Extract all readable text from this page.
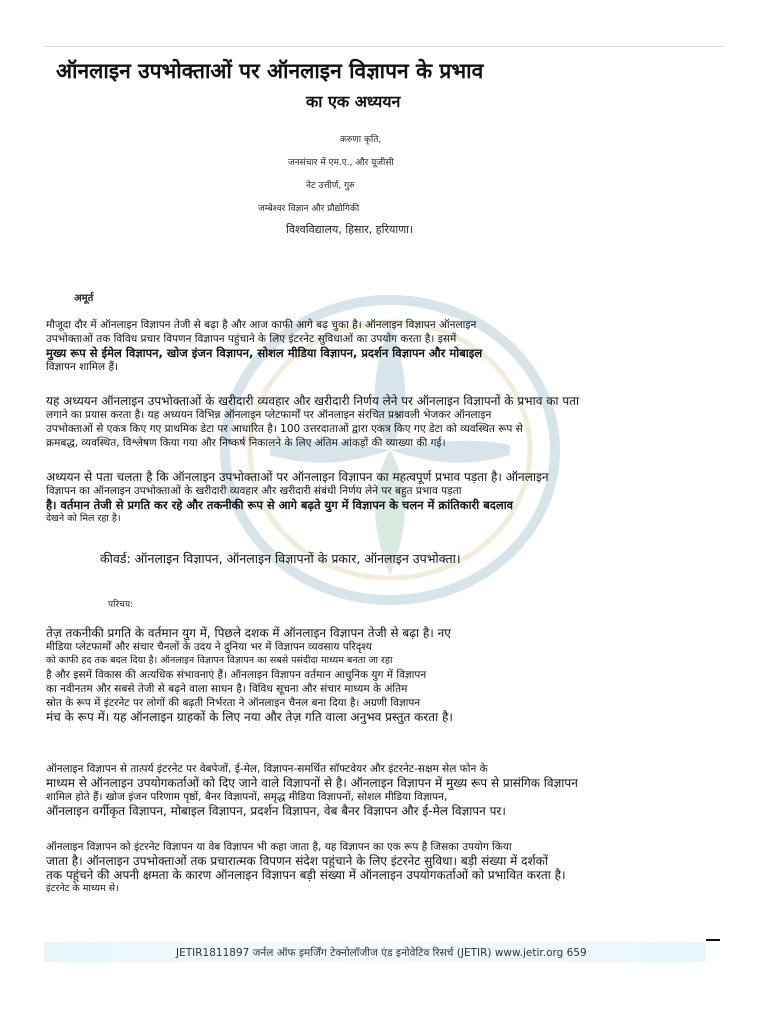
ऑनलाइन उपभोक्ताओं पर ऑनलाइन विज्ञापन के प्रभाव
का एक अध्ययन
करुणा कृति,
जनसंचार में एम.ए., और यूजीसी
नेट उत्तीर्ण, गुरु
जम्बेश्वर विज्ञान और प्रौद्योगिकी
विश्वविद्यालय, हिसार, हरियाणा।
अमूर्त
मौजूदा दौर में ऑनलाइन विज्ञापन तेजी से बढ़ा है और आज काफी आगे बढ़ चुका है। ऑनलाइन विज्ञापन ऑनलाइन
उपभोक्ताओं तक विविध प्रचार विपणन विज्ञापन पहुंचाने के लिए इंटरनेट सुविधाओं का उपयोग करता है। इसमें
मुख्य रूप से ईमेल विज्ञापन, खोज इंजन विज्ञापन, सोशल मीडिया विज्ञापन, प्रदर्शन विज्ञापन और मोबाइल
विज्ञापन शामिल हैं।
यह अध्ययन ऑनलाइन उपभोक्ताओं के खरीदारी व्यवहार और खरीदारी निर्णय लेने पर ऑनलाइन विज्ञापनों के प्रभाव का पता
लगाने का प्रयास करता है। यह अध्ययन विभिन्न ऑनलाइन प्लेटफार्मों पर ऑनलाइन संरचित प्रश्नावली भेजकर ऑनलाइन
उपभोक्ताओं से एकत्र किए गए प्राथमिक डेटा पर आधारित है। 100 उत्तरदाताओं द्वारा एकत्र किए गए डेटा को व्यवस्थित रूप से
क्रमबद्ध, व्यवस्थित, विश्लेषण किया गया और निष्कर्ष निकालने के लिए अंतिम आंकड़ों की व्याख्या की गई।
अध्ययन से पता चलता है कि ऑनलाइन उपभोक्ताओं पर ऑनलाइन विज्ञापन का महत्वपूर्ण प्रभाव पड़ता है। ऑनलाइन
विज्ञापन का ऑनलाइन उपभोक्ताओं के खरीदारी व्यवहार और खरीदारी संबंधी निर्णय लेने पर बहुत प्रभाव पड़ता
है। वर्तमान तेजी से प्रगति कर रहे और तकनीकी रूप से आगे बढ़ते युग में विज्ञापन के चलन में क्रांतिकारी बदलाव
देखने को मिल रहा है।
कीवर्ड: ऑनलाइन विज्ञापन, ऑनलाइन विज्ञापनों के प्रकार, ऑनलाइन उपभोक्ता।
परिचय:
तेज़ तकनीकी प्रगति के वर्तमान युग में, पिछले दशक में ऑनलाइन विज्ञापन तेजी से बढ़ा है। नए
मीडिया प्लेटफार्मों और संचार चैनलों के उदय ने दुनिया भर में विज्ञापन व्यवसाय परिदृश्य
को काफी हद तक बदल दिया है। ऑनलाइन विज्ञापन विज्ञापन का सबसे पसंदीदा माध्यम बनता जा रहा
है और इसमें विकास की अत्यधिक संभावनाएं हैं। ऑनलाइन विज्ञापन वर्तमान आधुनिक युग में विज्ञापन
का नवीनतम और सबसे तेजी से बढ़ने वाला साधन है। विविध सूचना और संचार माध्यम के अंतिम
स्रोत के रूप में इंटरनेट पर लोगों की बढ़ती निर्भरता ने ऑनलाइन चैनल बना दिया है। अग्रणी विज्ञापन
मंच के रूप में। यह ऑनलाइन ग्राहकों के लिए नया और तेज़ गति वाला अनुभव प्रस्तुत करता है।
ऑनलाइन विज्ञापन से तात्पर्य इंटरनेट पर वेबपेजों, ई-मेल, विज्ञापन-समर्थित सॉफ्टवेयर और इंटरनेट-सक्षम सेल फोन के
माध्यम से ऑनलाइन उपयोगकर्ताओं को दिए जाने वाले विज्ञापनों से है। ऑनलाइन विज्ञापन में मुख्य रूप से प्रासंगिक विज्ञापन
शामिल होते हैं। खोज इंजन परिणाम पृष्ठों, बैनर विज्ञापनों, समृद्ध मीडिया विज्ञापनों, सोशल मीडिया विज्ञापन,
ऑनलाइन वर्गीकृत विज्ञापन, मोबाइल विज्ञापन, प्रदर्शन विज्ञापन, वेब बैनर विज्ञापन और ई-मेल विज्ञापन पर।
ऑनलाइन विज्ञापन को इंटरनेट विज्ञापन या वेब विज्ञापन भी कहा जाता है, यह विज्ञापन का एक रूप है जिसका उपयोग किया
जाता है। ऑनलाइन उपभोक्ताओं तक प्रचारात्मक विपणन संदेश पहुंचाने के लिए इंटरनेट सुविधा। बड़ी संख्या में दर्शकों
तक पहुंचने की अपनी क्षमता के कारण ऑनलाइन विज्ञापन बड़ी संख्या में ऑनलाइन उपयोगकर्ताओं को प्रभावित करता है।
इंटरनेट के माध्यम से।
JETIR1811897 जर्नल ऑफ इमर्जिंग टेक्नोलॉजीज एंड इनोवेटिव रिसर्च (JETIR) www.jetir.org 659
